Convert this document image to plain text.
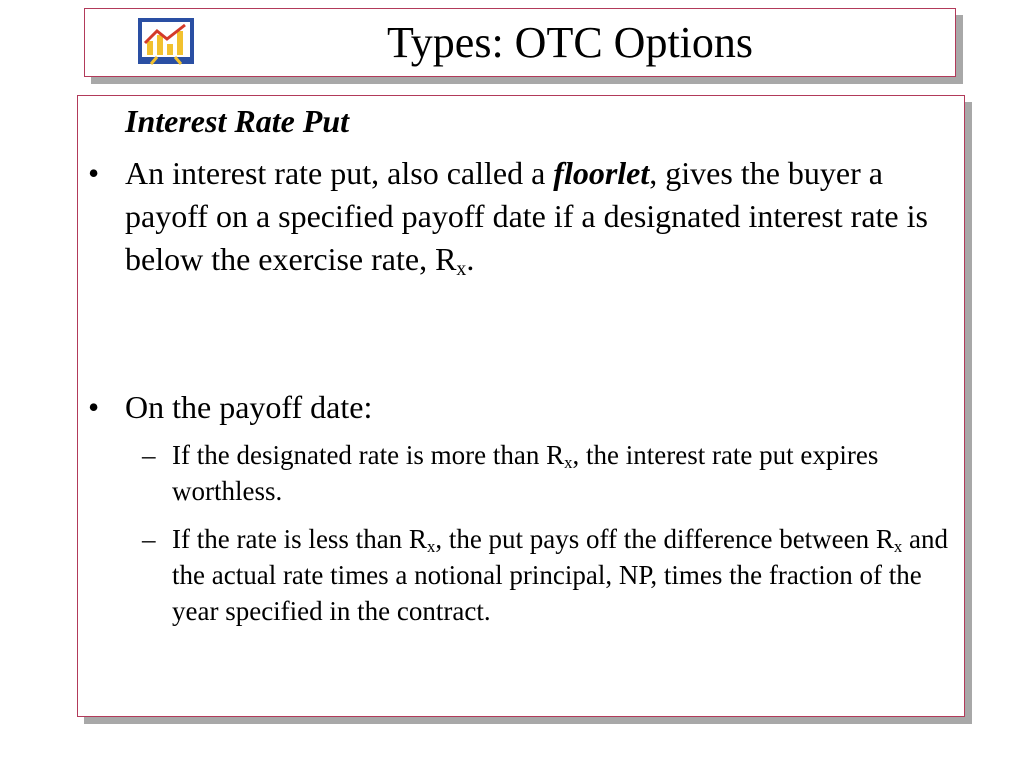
Types: OTC Options
Interest Rate Put
• An interest rate put, also called a floorlet, gives the buyer a payoff on a specified payoff date if a designated interest rate is below the exercise rate, $R_x$.
• On the payoff date:
– If the designated rate is more than $R_x$, the interest rate put expires worthless.
– If the rate is less than $R_x$, the put pays off the difference between $R_x$ and the actual rate times a notional principal, NP, times the fraction of the year specified in the contract.
